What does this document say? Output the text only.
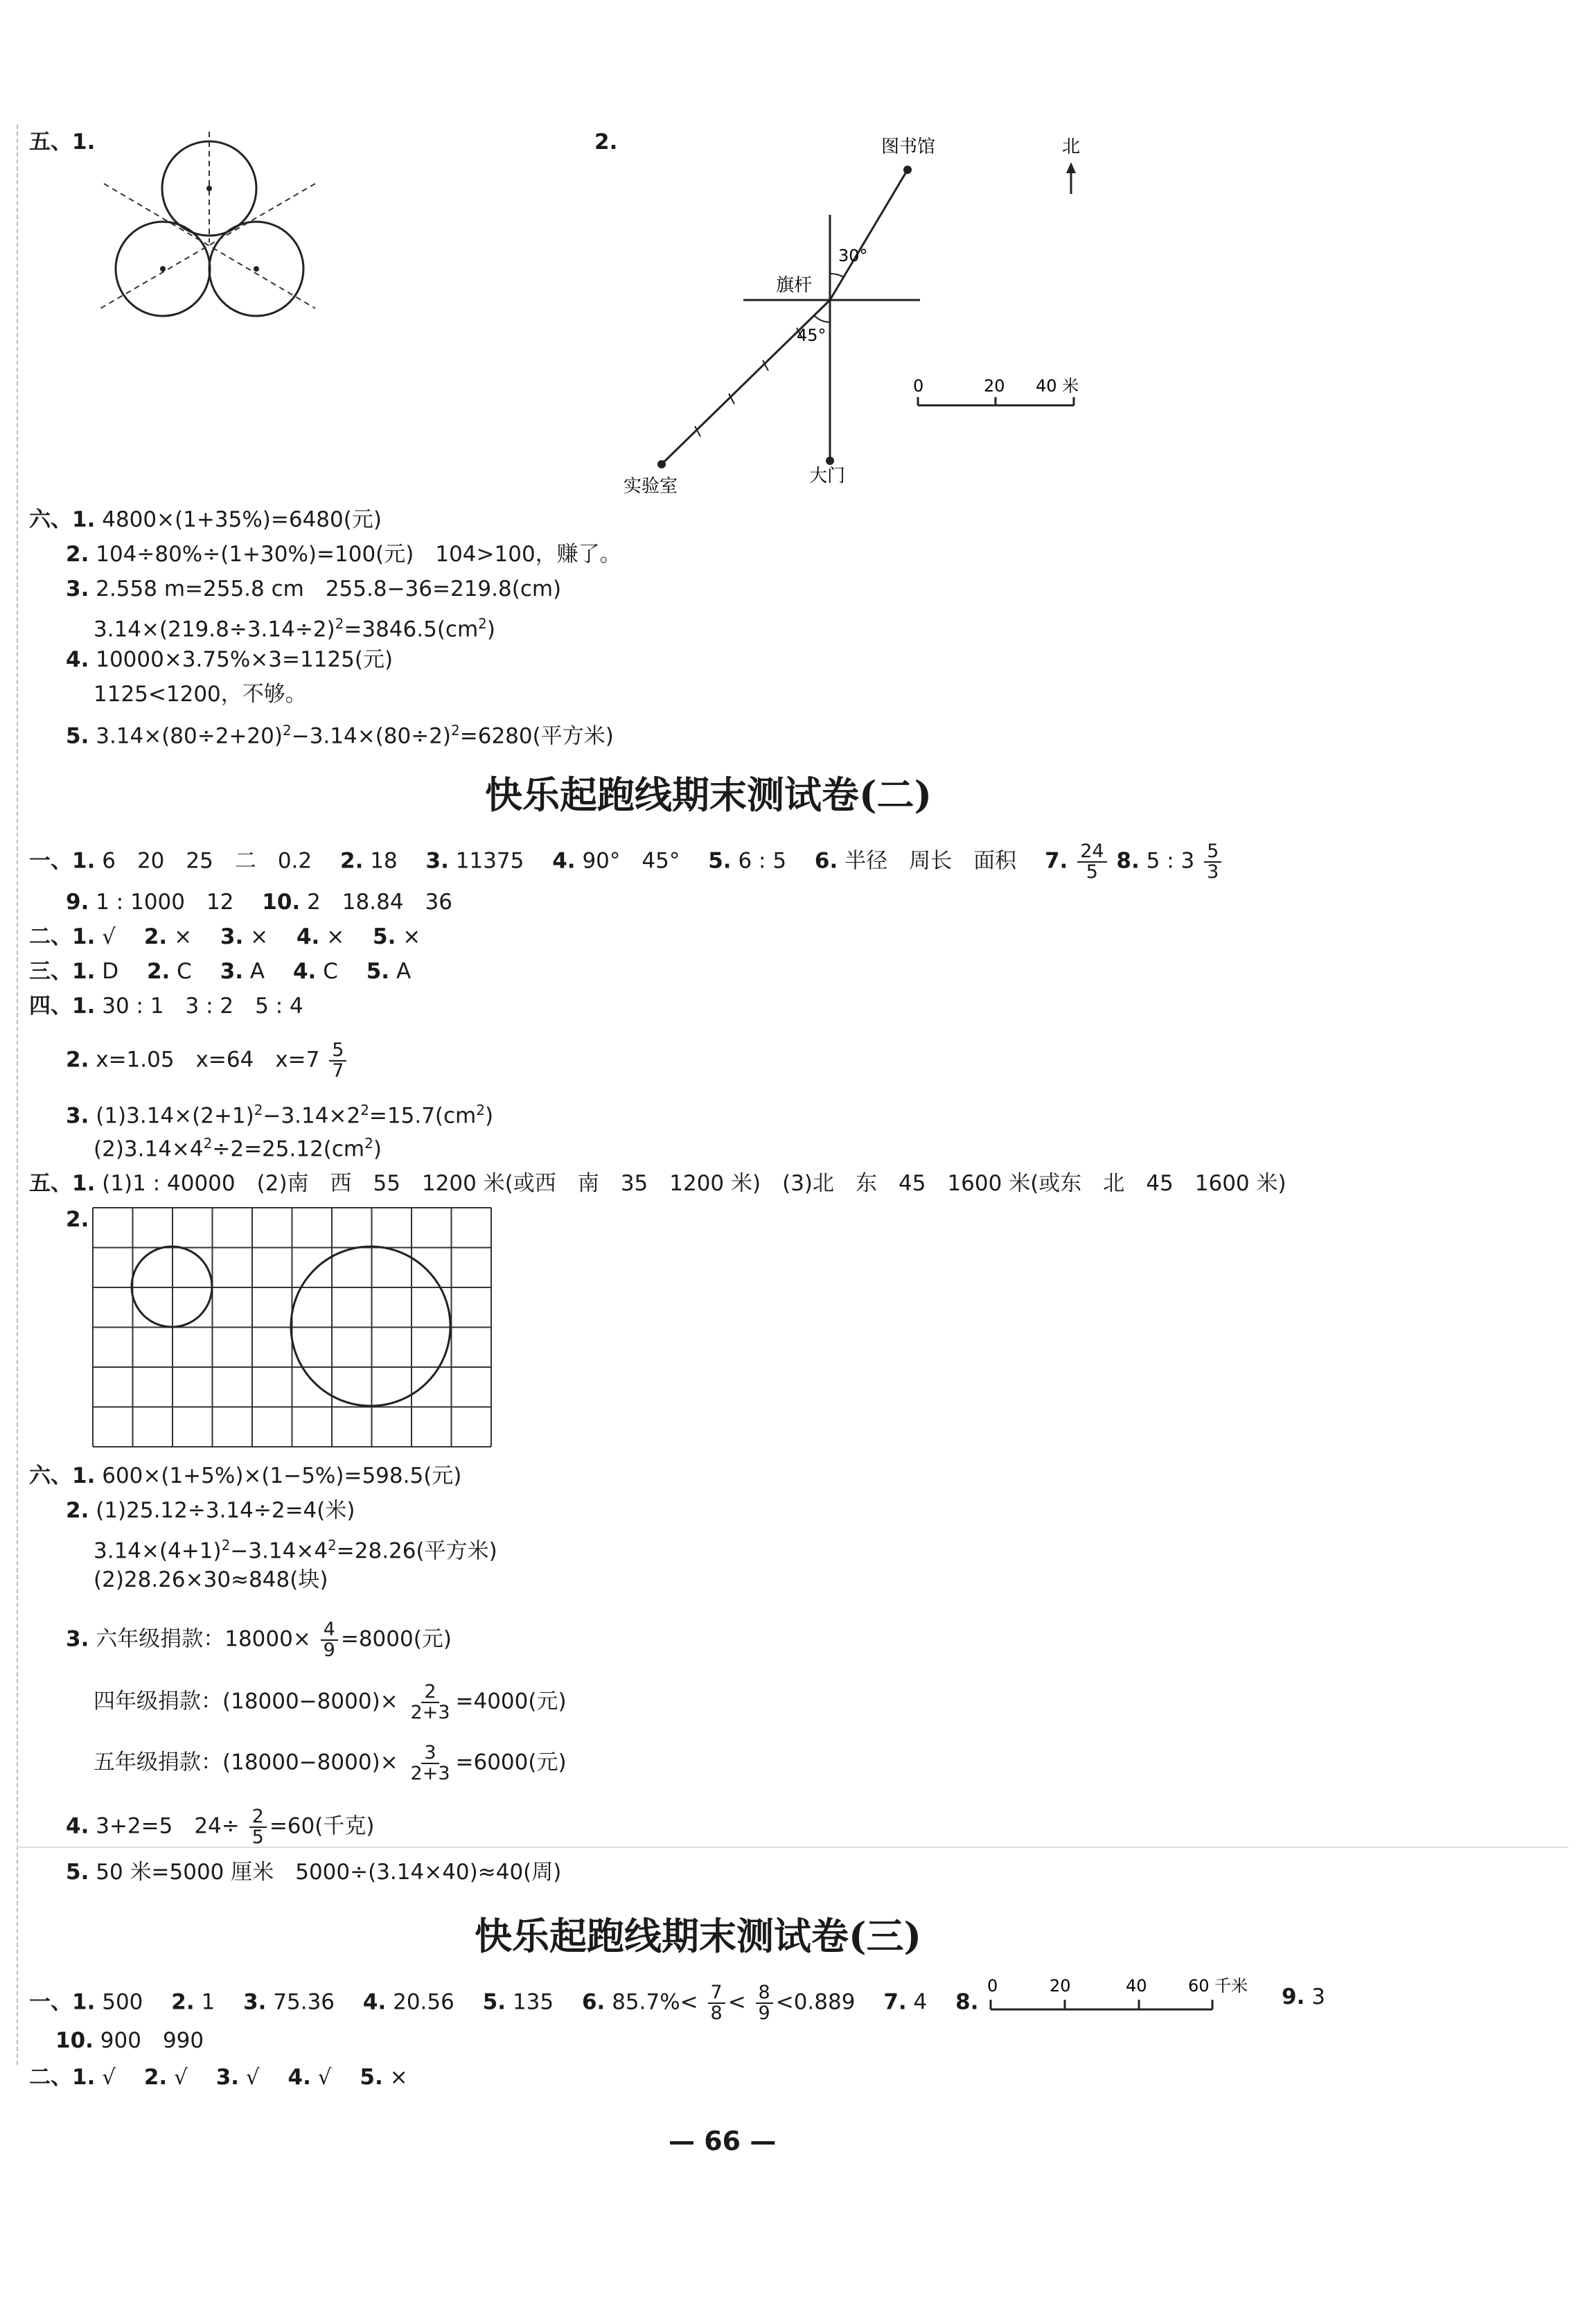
五、1.	2.
30°
旗杆
45°
图书馆
实验室	大门
北
0	20 40 米
六、1. 4800×(1+35%)=6480(元)
2. 104÷80%÷(1+30%)=100(元)　104>100，赚了。
3. 2.558 m=255.8 cm　255.8−36=219.8(cm)
$3.14\times(219.8\div 3.14\div 2)^2=3846.5(cm^2)$
4. 10000×3.75%×3=1125(元)
1125<1200，不够。
5. $3.14\times(80\div 2+20)^2-3.14\times(80\div 2)^2=6280$(平方米)
快乐起跑线期末测试卷(二)
一、1. 6　20　25　二　0.2　 2. 18　 3. 11375　 4. 90°　45°　 5. 6 : 5　 6. 半径　周长　面积　 7. $\frac{24}{5} 8$. 5 : $3 \frac{5}{3}$
9. 1 : 1000　12　 10. 2　18.84　36
二、1. √　 2. ×　 3. ×　 4. ×　 5. ×
三、1. D　 2. C　 3. A　 4. C　 5. A
四、1. 30 : 1　3 : 2　5 : 4
2. x=1.05　x=64　$x=7 \frac{5}{7}$
3. $(1)3.14\times(2+1)^2-3.14\times 2^2=15.7(cm^2)$
$(2)3.14\times 4^2\div 2=25.12(cm^2)$
五、1. (1)1 : 40000　(2)南　西　55　1200 米(或西　南　35　1200 米)　(3)北　东　45　1600 米(或东　北　45　1600 米)
2.
六、1. 600×(1+5%)×(1−5%)=598.5(元)
2. (1)25.12÷3.14÷2=4(米)
$3.14\times(4+1)^2-3.14\times 4^2=28.26$(平方米)
(2)28.26×30≈848(块)
3. 六年级捐款：$18000\times \frac{4}{9} =8000$(元)
四年级捐款：$(18000-8000)\times \frac{2}{2+3} =4000$(元)
五年级捐款：$(18000-8000)\times \frac{3}{2+3} =6000$(元)
4. 3+2=5　$24\div \frac{2}{5} =60$(千克)
5. 50 米=5000 厘米　5000÷(3.14×40)≈40(周)
快乐起跑线期末测试卷(三)
一、1. 500　 2. 1　 3. 75.36　 4. 20.56　 5. 135　 6. $85.7\%< \frac{7}{8} < \frac{8}{9} <0.889$　 7. 4　 8.
0	20	40 60 千米 9. 3
10. 900　990
二、1. √　 2. √　 3. √　 4. √　 5. ×
— 66 —
